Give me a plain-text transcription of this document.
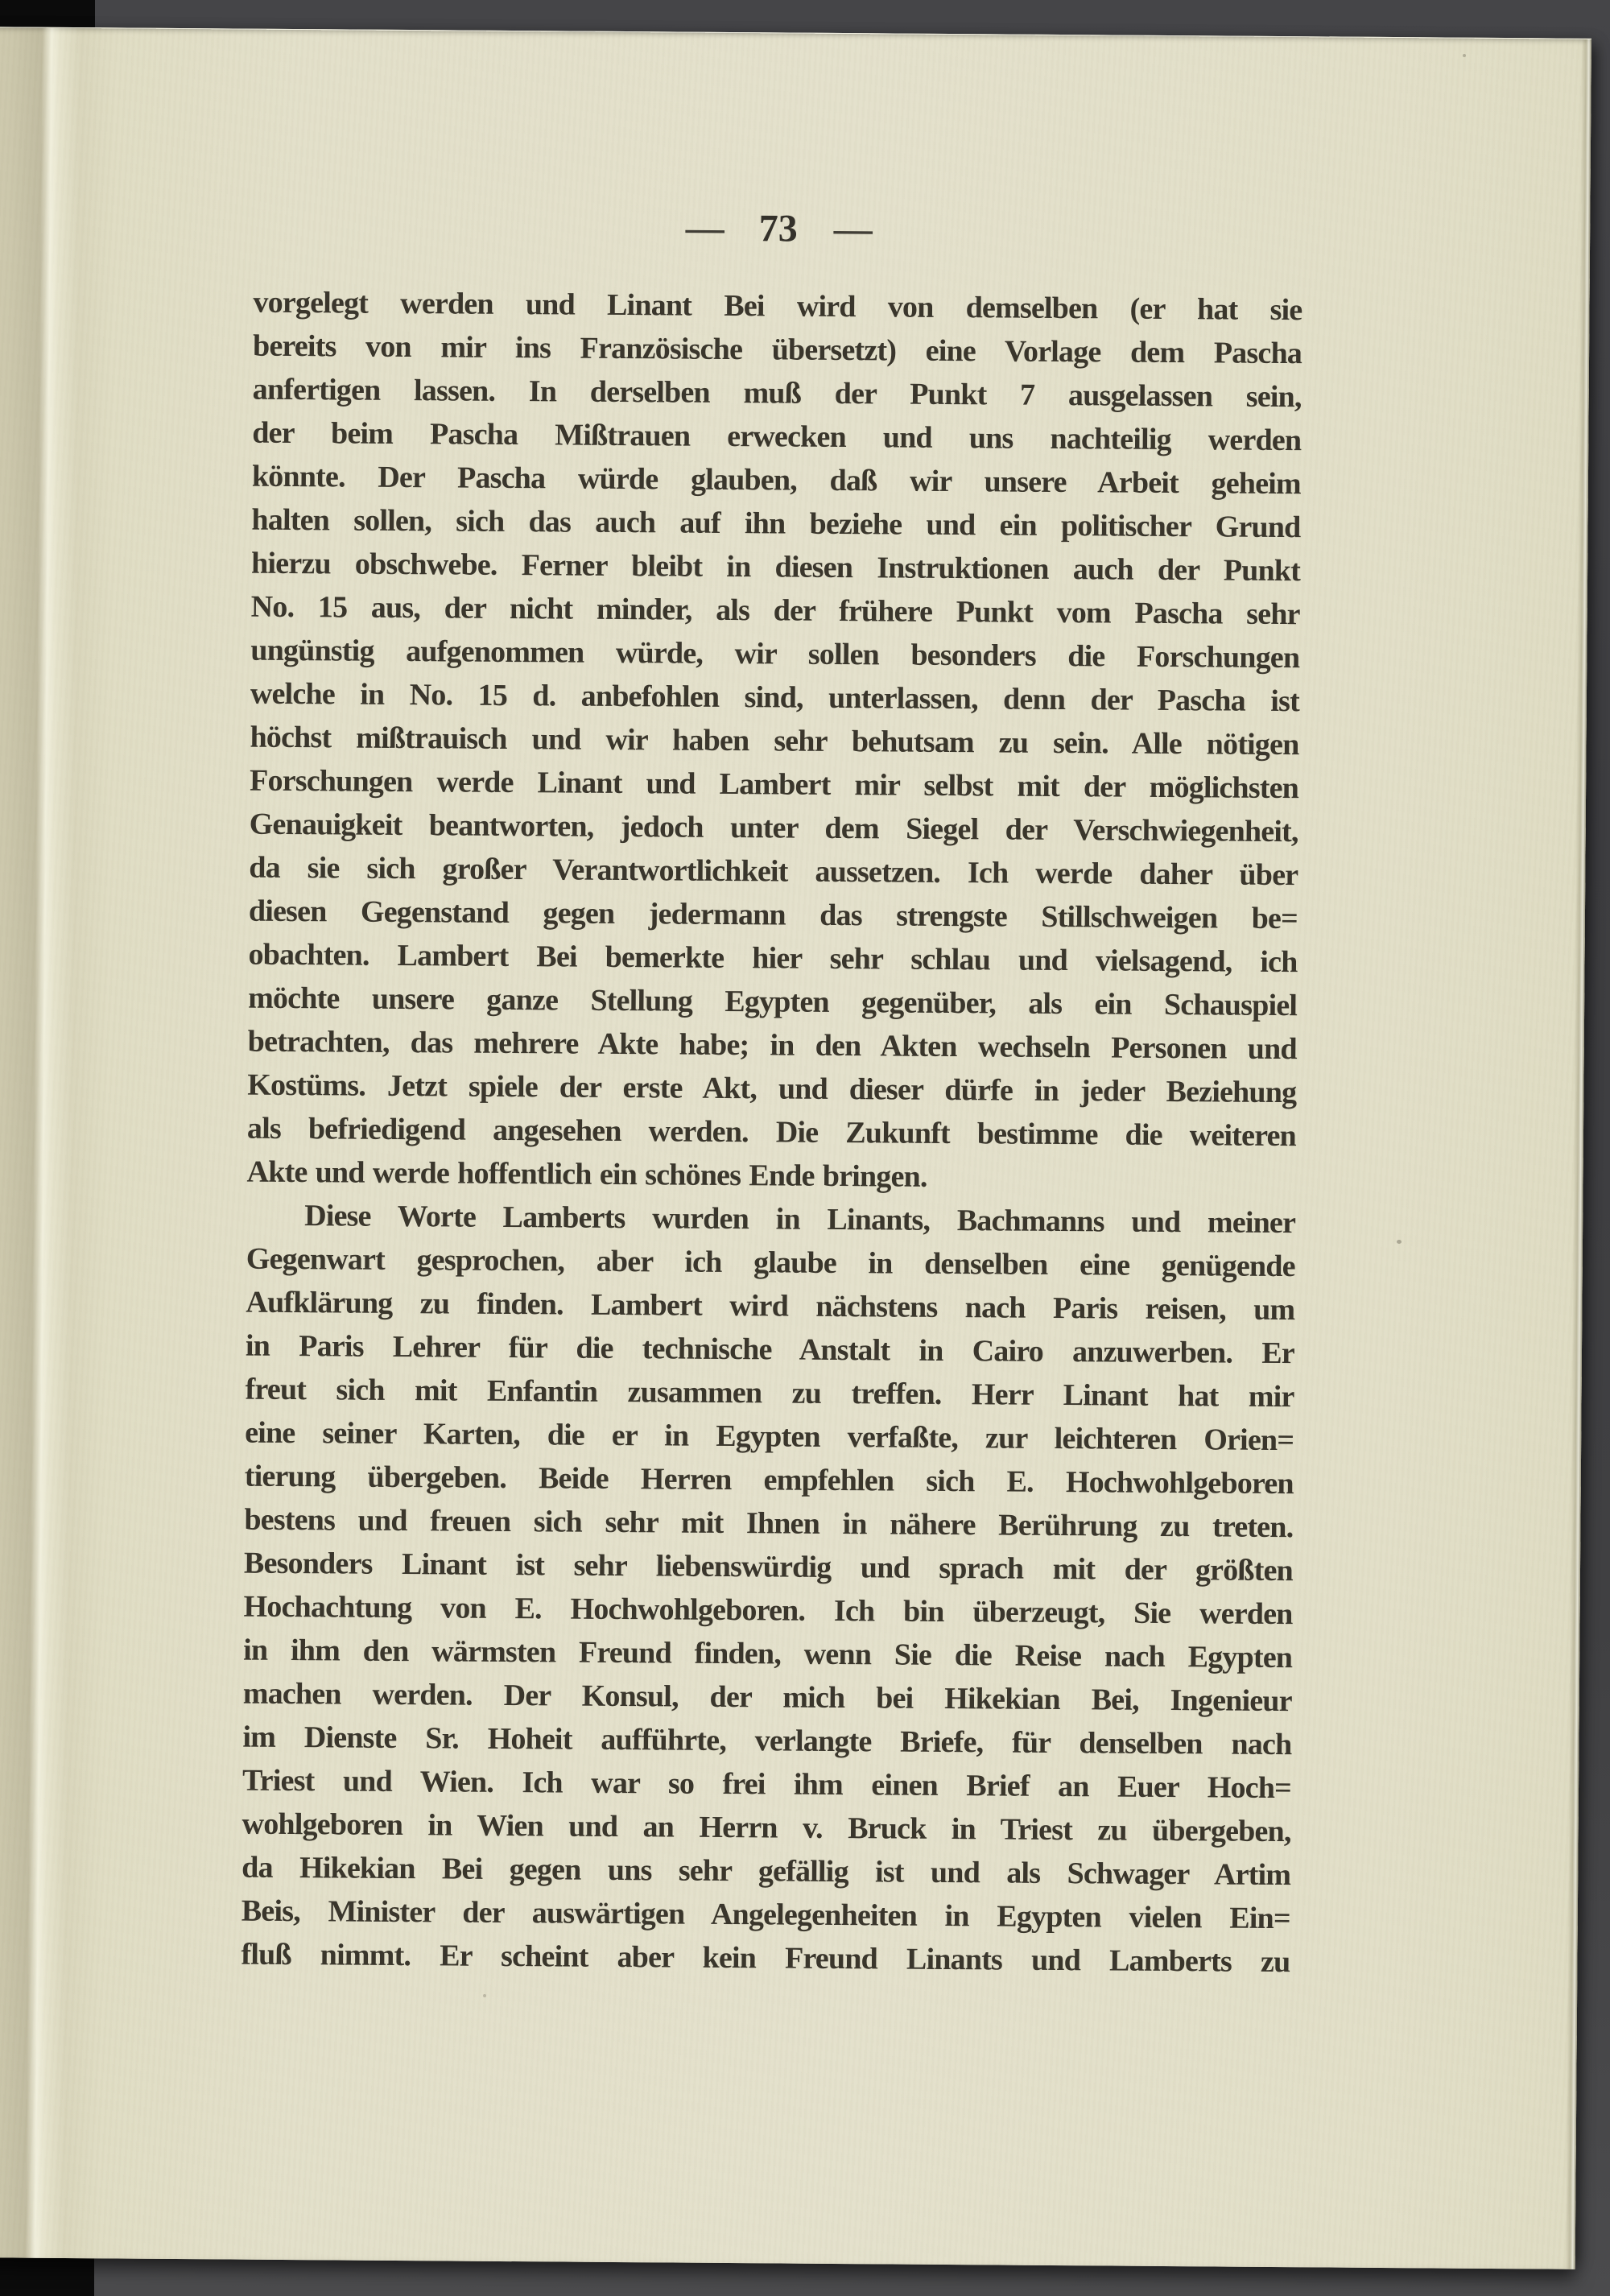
— 73 —
vorgelegt werden und Linant Bei wird von demselben (er hat sie
bereits von mir ins Französische übersetzt) eine Vorlage dem Pascha
anfertigen lassen. In derselben muß der Punkt 7 ausgelassen sein,
der beim Pascha Mißtrauen erwecken und uns nachteilig werden
könnte. Der Pascha würde glauben, daß wir unsere Arbeit geheim
halten sollen, sich das auch auf ihn beziehe und ein politischer Grund
hierzu obschwebe. Ferner bleibt in diesen Instruktionen auch der Punkt
No. 15 aus, der nicht minder, als der frühere Punkt vom Pascha sehr
ungünstig aufgenommen würde, wir sollen besonders die Forschungen
welche in No. 15 d. anbefohlen sind, unterlassen, denn der Pascha ist
höchst mißtrauisch und wir haben sehr behutsam zu sein. Alle nötigen
Forschungen werde Linant und Lambert mir selbst mit der möglichsten
Genauigkeit beantworten, jedoch unter dem Siegel der Verschwiegenheit,
da sie sich großer Verantwortlichkeit aussetzen. Ich werde daher über
diesen Gegenstand gegen jedermann das strengste Stillschweigen be=
obachten. Lambert Bei bemerkte hier sehr schlau und vielsagend, ich
möchte unsere ganze Stellung Egypten gegenüber, als ein Schauspiel
betrachten, das mehrere Akte habe; in den Akten wechseln Personen und
Kostüms. Jetzt spiele der erste Akt, und dieser dürfe in jeder Beziehung
als befriedigend angesehen werden. Die Zukunft bestimme die weiteren
Akte und werde hoffentlich ein schönes Ende bringen.
Diese Worte Lamberts wurden in Linants, Bachmanns und meiner
Gegenwart gesprochen, aber ich glaube in denselben eine genügende
Aufklärung zu finden. Lambert wird nächstens nach Paris reisen, um
in Paris Lehrer für die technische Anstalt in Cairo anzuwerben. Er
freut sich mit Enfantin zusammen zu treffen. Herr Linant hat mir
eine seiner Karten, die er in Egypten verfaßte, zur leichteren Orien=
tierung übergeben. Beide Herren empfehlen sich E. Hochwohlgeboren
bestens und freuen sich sehr mit Ihnen in nähere Berührung zu treten.
Besonders Linant ist sehr liebenswürdig und sprach mit der größten
Hochachtung von E. Hochwohlgeboren. Ich bin überzeugt, Sie werden
in ihm den wärmsten Freund finden, wenn Sie die Reise nach Egypten
machen werden. Der Konsul, der mich bei Hikekian Bei, Ingenieur
im Dienste Sr. Hoheit aufführte, verlangte Briefe, für denselben nach
Triest und Wien. Ich war so frei ihm einen Brief an Euer Hoch=
wohlgeboren in Wien und an Herrn v. Bruck in Triest zu übergeben,
da Hikekian Bei gegen uns sehr gefällig ist und als Schwager Artim
Beis, Minister der auswärtigen Angelegenheiten in Egypten vielen Ein=
fluß nimmt. Er scheint aber kein Freund Linants und Lamberts zu
